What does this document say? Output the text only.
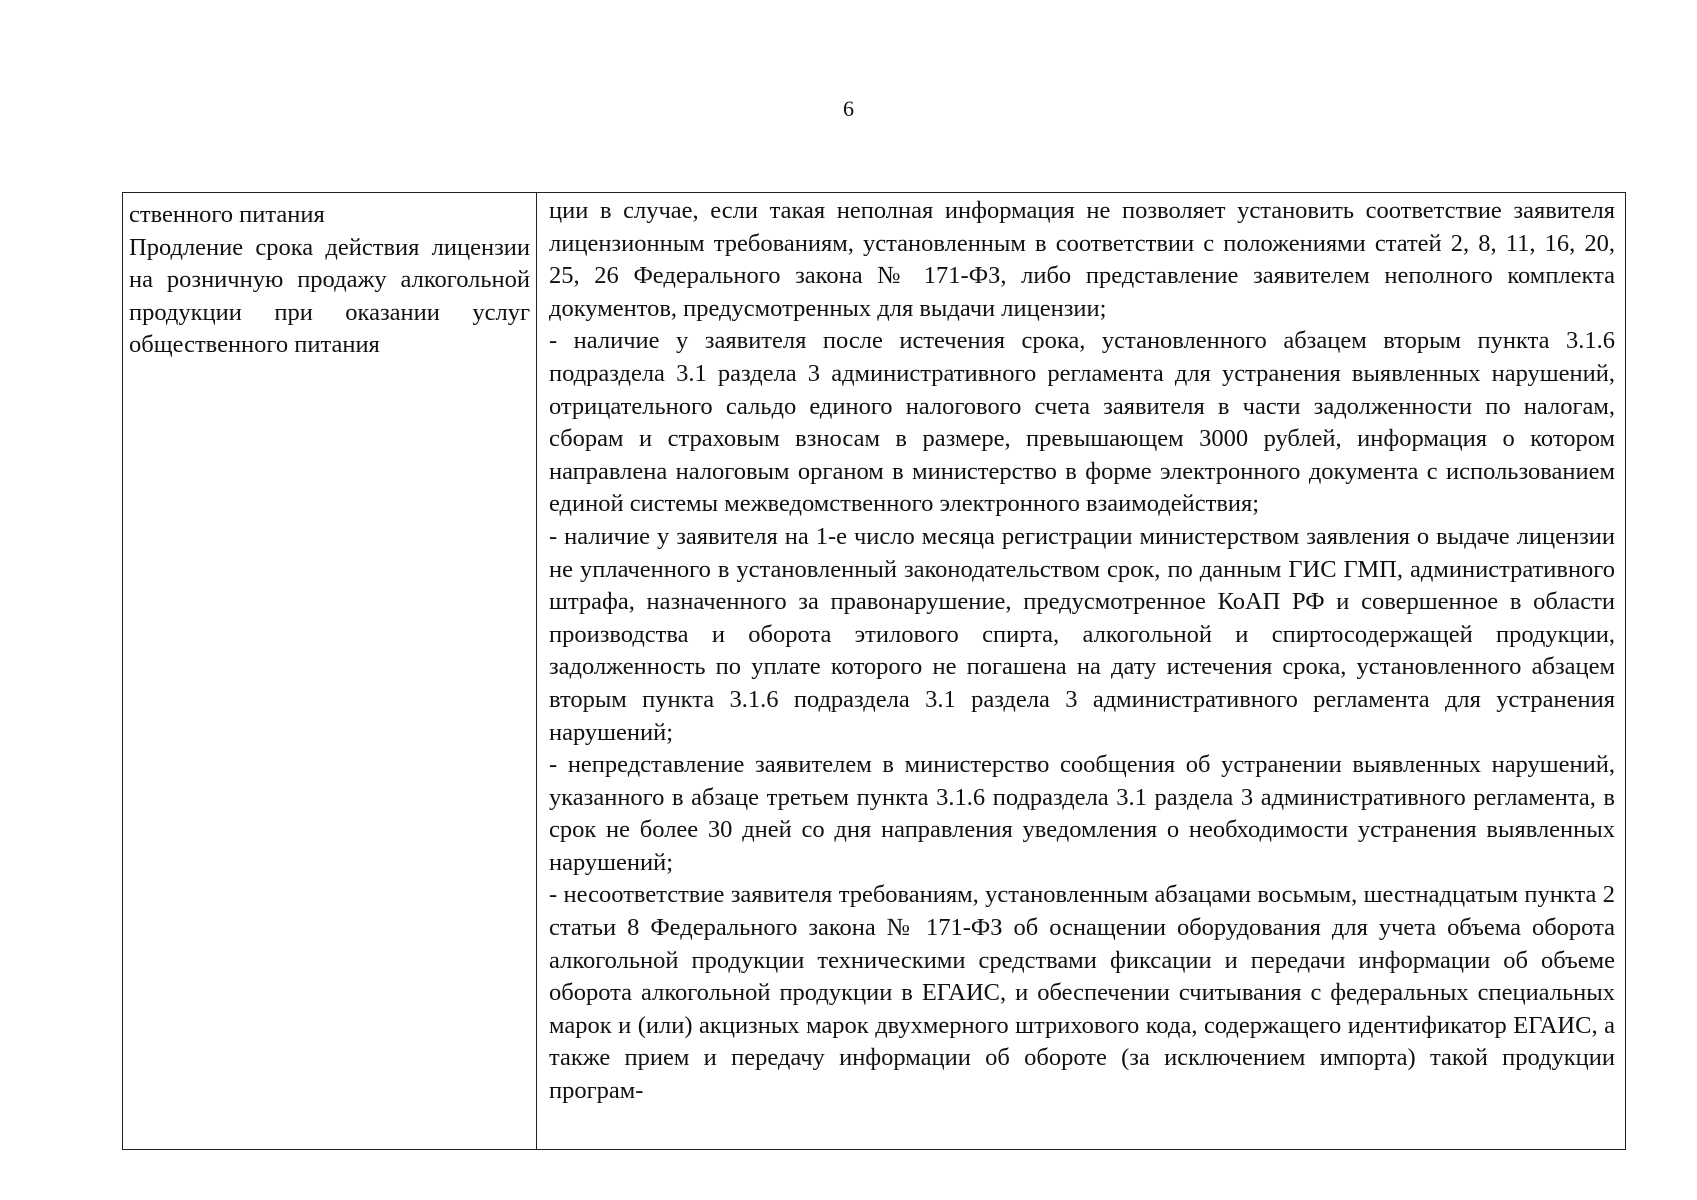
6

ственного питания

Продление срока действия лицензии на розничную продажу алкогольной продукции при оказании услуг общественного питания

ции в случае, если такая неполная информация не позволяет установить соответствие заявителя лицензионным требованиям, установленным в соответствии с положениями статей 2, 8, 11, 16, 20, 25, 26 Федерального закона № 171-ФЗ, либо представление заявителем неполного комплекта документов, предусмотренных для выдачи лицензии;

- наличие у заявителя после истечения срока, установленного абзацем вторым пункта 3.1.6 подраздела 3.1 раздела 3 административного регламента для устранения выявленных нарушений, отрицательного сальдо единого налогового счета заявителя в части задолженности по налогам, сборам и страховым взносам в размере, превышающем 3000 рублей, информация о котором направлена налоговым органом в министерство в форме электронного документа с использованием единой системы межведомственного электронного взаимодействия;

- наличие у заявителя на 1-е число месяца регистрации министерством заявления о выдаче лицензии не уплаченного в установленный законодательством срок, по данным ГИС ГМП, административного штрафа, назначенного за правонарушение, предусмотренное КоАП РФ и совершенное в области производства и оборота этилового спирта, алкогольной и спиртосодержащей продукции, задолженность по уплате которого не погашена на дату истечения срока, установленного абзацем вторым пункта 3.1.6 подраздела 3.1 раздела 3 административного регламента для устранения нарушений;

- непредставление заявителем в министерство сообщения об устранении выявленных нарушений, указанного в абзаце третьем пункта 3.1.6 подраздела 3.1 раздела 3 административного регламента, в срок не более 30 дней со дня направления уведомления о необходимости устранения выявленных нарушений;

- несоответствие заявителя требованиям, установленным абзацами восьмым, шестнадцатым пункта 2 статьи 8 Федерального закона № 171-ФЗ об оснащении оборудования для учета объема оборота алкогольной продукции техническими средствами фиксации и передачи информации об объеме оборота алкогольной продукции в ЕГАИС, и обеспечении считывания с федеральных специальных марок и (или) акцизных марок двухмерного штрихового кода, содержащего идентификатор ЕГАИС, а также прием и передачу информации об обороте (за исключением импорта) такой продукции програм-
